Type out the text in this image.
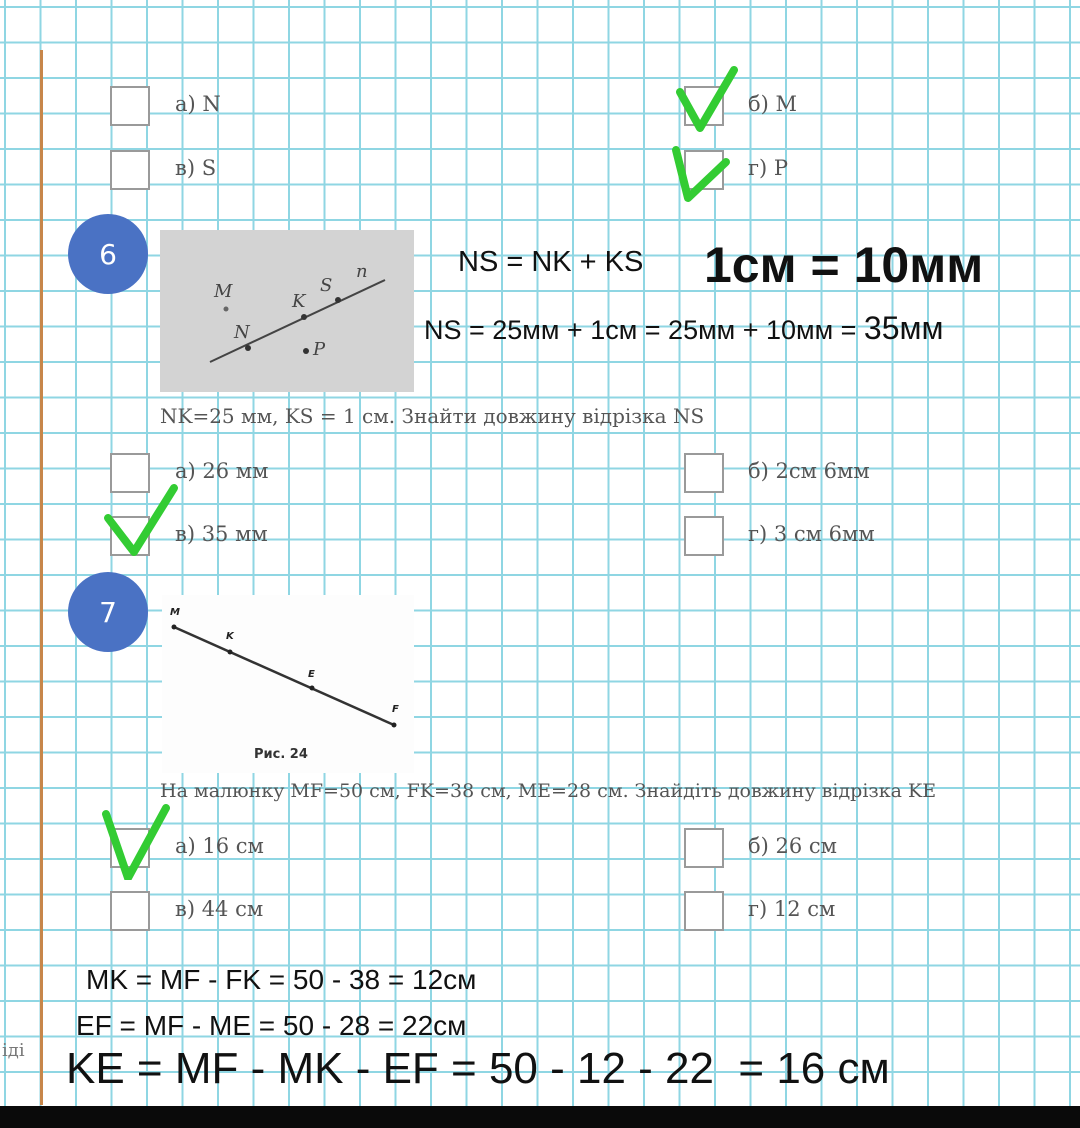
іді
а) N	б) M
в) S	г) P
6
M	K
S
n
N
P
NS = NK + KS 1см = 10мм
NS = 25мм + 1см = 25мм + 10мм = 35мм
NK=25 мм, KS = 1 см. Знайти довжину відрізка NS
а) 26 мм	б) 2см 6мм
в) 35 мм	г) 3 см 6мм
7	M
K
E
F
Рис. 24
На малюнку MF=50 см, FK=38 см, ME=28 см. Знайдіть довжину відрізка KE
а) 16 см	б) 26 см
в) 44 см	г) 12 см
MK = MF - FK = 50 - 38 = 12см
EF = MF - ME = 50 - 28 = 22см
KE = MF - MK - EF = 50 - 12 - 22  = 16 см
